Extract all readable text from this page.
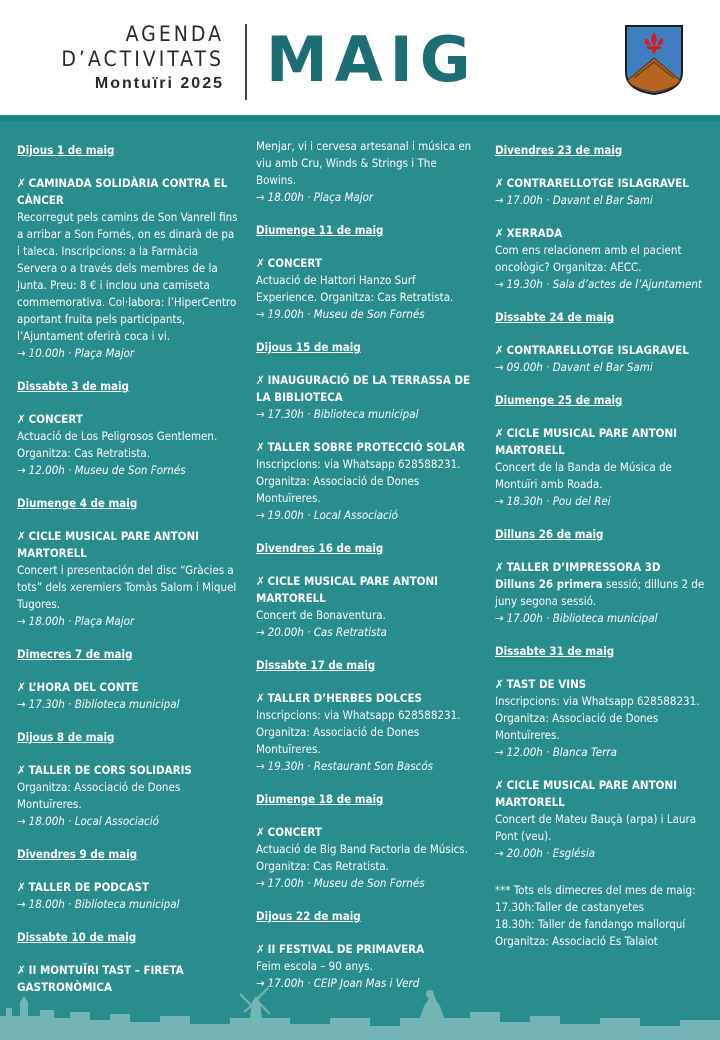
AGENDA
D’ACTIVITATS
Montuïri 2025 MAIG
Dijous 1 de maig
✗ CAMINADA SOLIDÀRIA CONTRA EL CÀNCER
Recorregut pels camins de Son Vanrell fins a arribar a Son Fornés, on es dinarà de pa i taleca. Inscripcions: a la Farmàcia Servera o a través dels membres de la Junta. Preu: 8 € i inclou una camiseta commemorativa. Col·labora: l’HiperCentro aportant fruita pels participants, l’Ajuntament oferirà coca i vi.
→ 10.00h · Plaça Major
Dissabte 3 de maig
✗ CONCERT
Actuació de Los Peligrosos Gentlemen. Organitza: Cas Retratista.
→ 12.00h · Museu de Son Fornés
Diumenge 4 de maig
✗ CICLE MUSICAL PARE ANTONI MARTORELL
Concert i presentación del disc “Gràcies a tots” dels xeremiers Tomàs Salom i Miquel Tugores.
→ 18.00h · Plaça Major
Dimecres 7 de maig
✗ L’HORA DEL CONTE
→ 17.30h · Biblioteca municipal
Dijous 8 de maig
✗ TALLER DE CORS SOLIDARIS
Organitza: Associació de Dones Montuïreres.
→ 18.00h · Local Associació
Divendres 9 de maig
✗ TALLER DE PODCAST
→ 18.00h · Biblioteca municipal
Dissabte 10 de maig
✗ II MONTUÏRI TAST – FIRETA GASTRONÒMICA
Menjar, vi i cervesa artesanal i música en viu amb Cru, Winds & Strings i The Bowins.
→ 18.00h · Plaça Major
Diumenge 11 de maig
✗ CONCERT
Actuació de Hattori Hanzo Surf Experience. Organitza: Cas Retratista.
→ 19.00h · Museu de Son Fornés
Dijous 15 de maig
✗ INAUGURACIÓ DE LA TERRASSA DE LA BIBLIOTECA
→ 17.30h · Biblioteca municipal
✗ TALLER SOBRE PROTECCIÓ SOLAR
Inscripcions: via Whatsapp 628588231. Organitza: Associació de Dones Montuïreres.
→ 19.00h · Local Associació
Divendres 16 de maig
✗ CICLE MUSICAL PARE ANTONI MARTORELL
Concert de Bonaventura.
→ 20.00h · Cas Retratista
Dissabte 17 de maig
✗ TALLER D’HERBES DOLCES
Inscripcions: via Whatsapp 628588231. Organitza: Associació de Dones Montuïreres.
→ 19.30h · Restaurant Son Bascós
Diumenge 18 de maig
✗ CONCERT
Actuació de Big Band Factoria de Músics. Organitza: Cas Retratista.
→ 17.00h · Museu de Son Fornés
Dijous 22 de maig
✗ II FESTIVAL DE PRIMAVERA
Feim escola – 90 anys.
→ 17.00h · CEIP Joan Mas i Verd
Divendres 23 de maig
✗ CONTRARELLOTGE ISLAGRAVEL
→ 17.00h · Davant el Bar Sami
✗ XERRADA
Com ens relacionem amb el pacient oncològic? Organitza: AECC.
→ 19.30h · Sala d’actes de l’Ajuntament
Dissabte 24 de maig
✗ CONTRARELLOTGE ISLAGRAVEL
→ 09.00h · Davant el Bar Sami
Diumenge 25 de maig
✗ CICLE MUSICAL PARE ANTONI MARTORELL
Concert de la Banda de Música de Montuïri amb Roada.
→ 18.30h · Pou del Rei
Dilluns 26 de maig
✗ TALLER D’IMPRESSORA 3D
Dilluns 26 primera sessió; dilluns 2 de juny segona sessió.
→ 17.00h · Biblioteca municipal
Dissabte 31 de maig
✗ TAST DE VINS
Inscripcions: via Whatsapp 628588231. Organitza: Associació de Dones Montuïreres.
→ 12.00h · Blanca Terra
✗ CICLE MUSICAL PARE ANTONI MARTORELL
Concert de Mateu Bauçà (arpa) i Laura Pont (veu).
→ 20.00h · Església
*** Tots els dimecres del mes de maig:
17.30h:Taller de castanyetes
18.30h: Taller de fandango mallorquí
Organitza: Associació Es Talaiot
